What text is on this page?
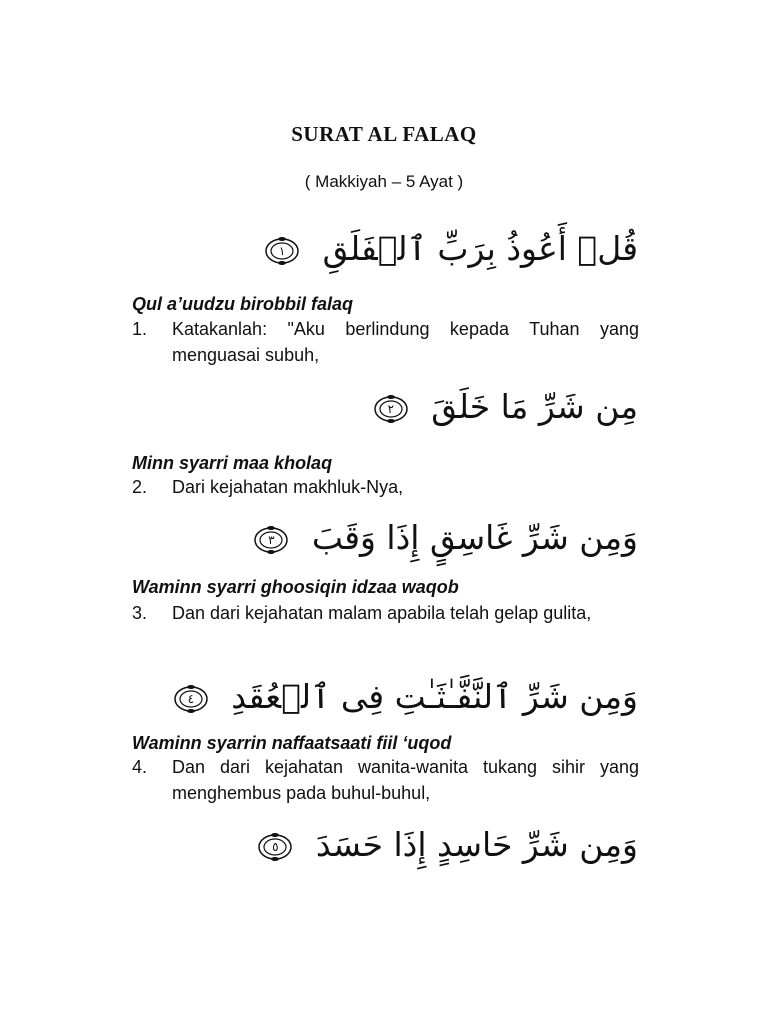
SURAT AL FALAQ
( Makkiyah – 5 Ayat )
قُلۡ أَعُوذُ بِرَبِّ ٱلۡفَلَقِ
١
Qul a’uudzu birobbil falaq
1. Katakanlah: "Aku berlindung kepada Tuhan yang menguasai subuh,
مِن شَرِّ مَا خَلَقَ
٢
Minn syarri maa kholaq
2. Dari kejahatan makhluk-Nya,
وَمِن شَرِّ غَاسِقٍ إِذَا وَقَبَ
٣
Waminn syarri ghoosiqin idzaa waqob
3. Dan dari kejahatan malam apabila telah gelap gulita,
وَمِن شَرِّ ٱلنَّفَّـٰثَـٰتِ فِى ٱلۡعُقَدِ
٤
Waminn syarrin naffaatsaati fiil ‘uqod
4. Dan dari kejahatan wanita-wanita tukang sihir yang menghembus pada buhul-buhul,
وَمِن شَرِّ حَاسِدٍ إِذَا حَسَدَ
٥
